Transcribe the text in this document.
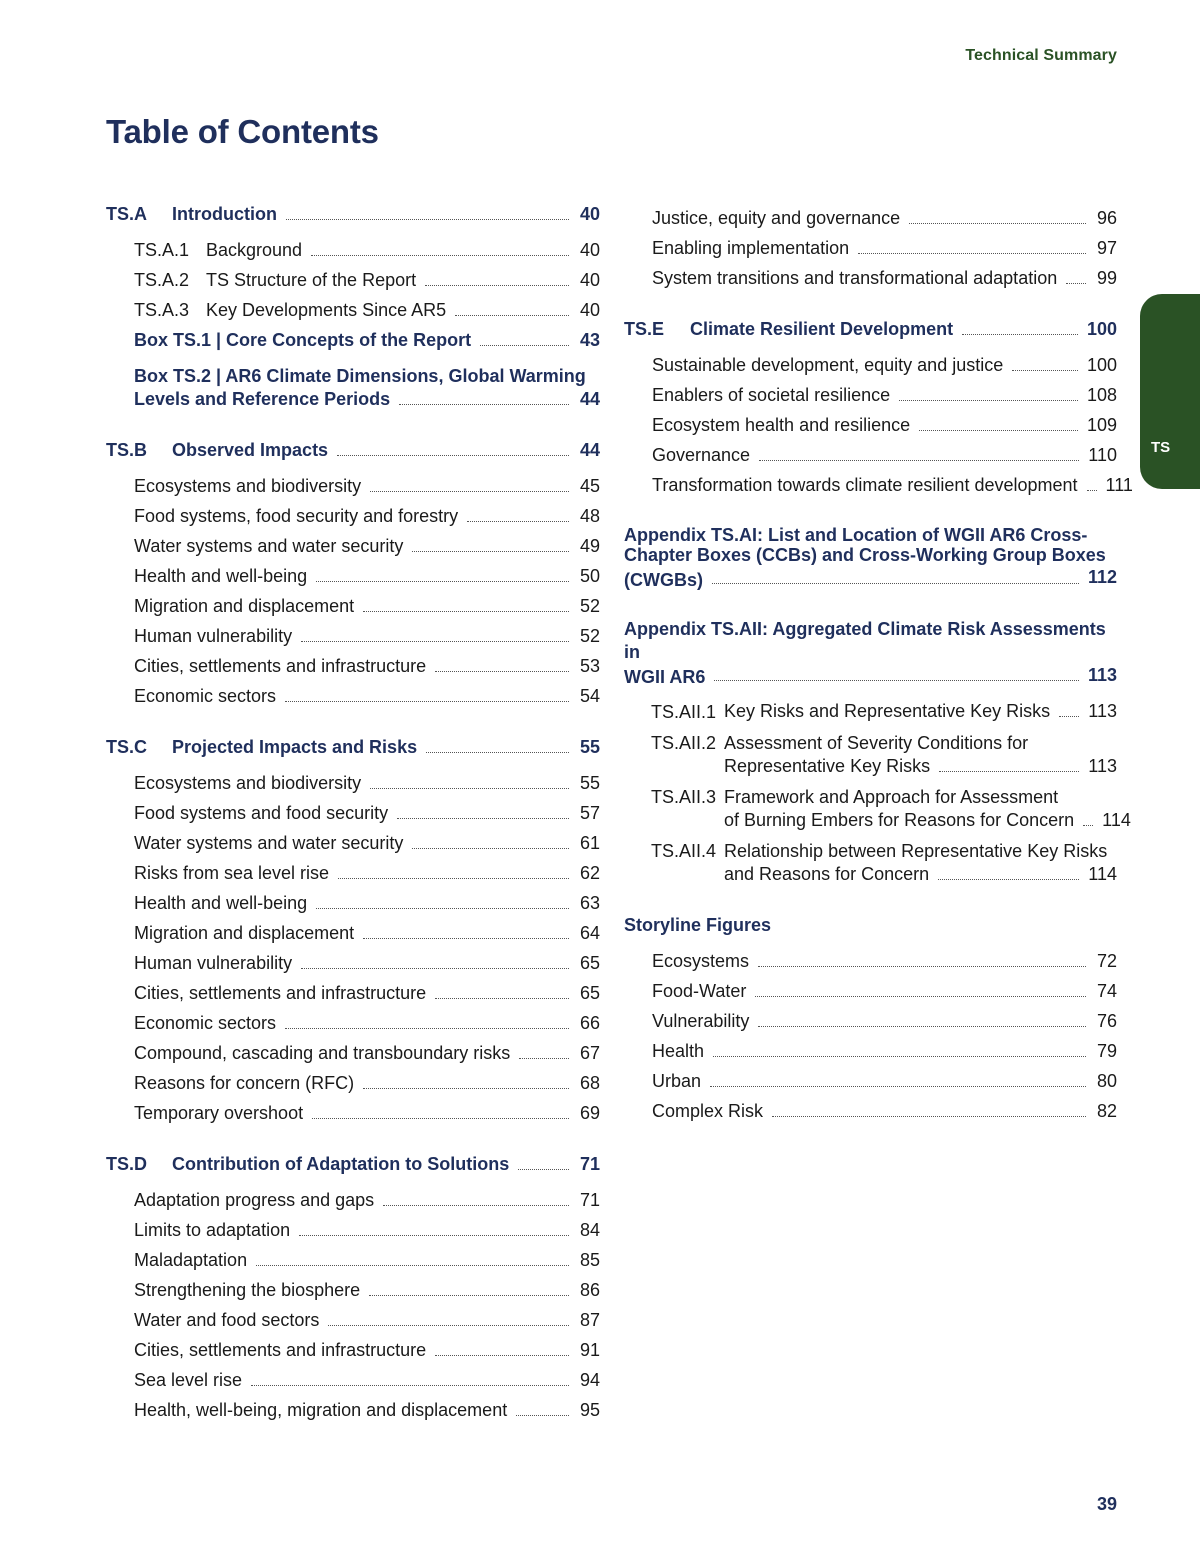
Technical Summary
Table of Contents
TS
TS.A Introduction	40
TS.A.1 Background	40
TS.A.2 TS Structure of the Report	40
TS.A.3 Key Developments Since AR5	40
Box TS.1 | Core Concepts of the Report	43
Box TS.2 | AR6 Climate Dimensions, Global Warming
Levels and Reference Periods	44
TS.B Observed Impacts	44
Ecosystems and biodiversity	45
Food systems, food security and forestry	48
Water systems and water security	49
Health and well-being	50
Migration and displacement	52
Human vulnerability	52
Cities, settlements and infrastructure	53
Economic sectors	54
TS.C Projected Impacts and Risks	55
Ecosystems and biodiversity	55
Food systems and food security	57
Water systems and water security	61
Risks from sea level rise	62
Health and well-being	63
Migration and displacement	64
Human vulnerability	65
Cities, settlements and infrastructure	65
Economic sectors	66
Compound, cascading and transboundary risks	67
Reasons for concern (RFC)	68
Temporary overshoot	69
TS.D Contribution of Adaptation to Solutions	71
Adaptation progress and gaps	71
Limits to adaptation	84
Maladaptation	85
Strengthening the biosphere	86
Water and food sectors	87
Cities, settlements and infrastructure	91
Sea level rise	94
Health, well-being, migration and displacement	95
Justice, equity and governance	96
Enabling implementation	97
System transitions and transformational adaptation 99
TS.E Climate Resilient Development	100
Sustainable development, equity and justice	100
Enablers of societal resilience	108
Ecosystem health and resilience	109
Governance	110
Transformation towards climate resilient development 111
Appendix TS.AI: List and Location of WGII AR6 Cross-
Chapter Boxes (CCBs) and Cross-Working Group Boxes
(CWGBs)	112
Appendix TS.AII: Aggregated Climate Risk Assessments in
WGII AR6	113
TS.AII.1 Key Risks and Representative Key Risks 113
TS.AII.2 Assessment of Severity Conditions for
Representative Key Risks	113
TS.AII.3 Framework and Approach for Assessment
of Burning Embers for Reasons for Concern 114
TS.AII.4 Relationship between Representative Key Risks
and Reasons for Concern	114
Storyline Figures
Ecosystems	72
Food-Water	74
Vulnerability	76
Health	79
Urban	80
Complex Risk	82
39
